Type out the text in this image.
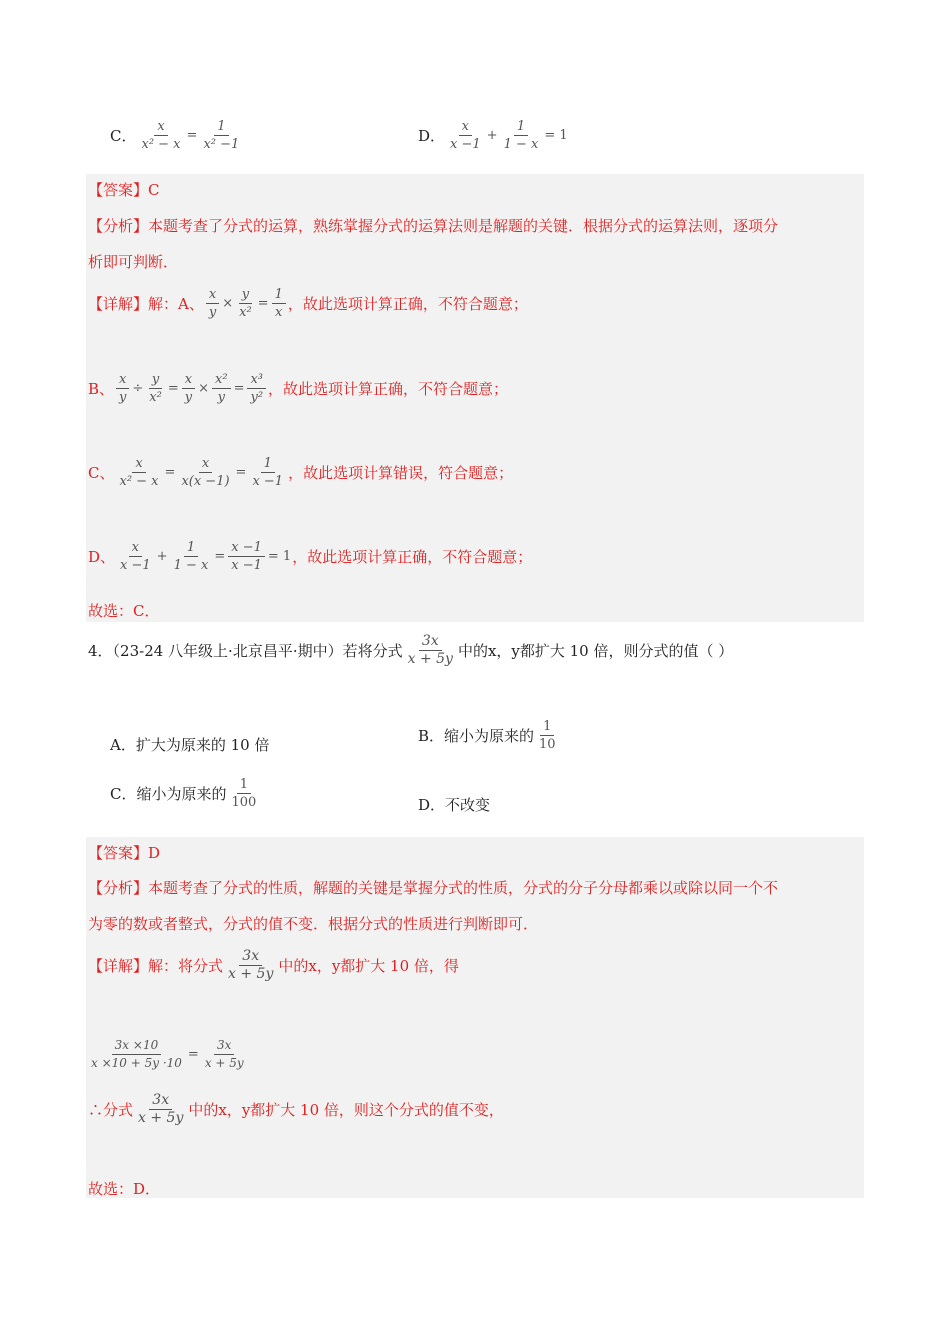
C． $\frac{x}{\text{x² − x}} = \frac{1}{\text{x² −1}}$	D．
x
x −1
+ $\frac{1}{1 - x} = 1$
【答案】C
【分析】本题考查了分式的运算，熟练掌握分式的运算法则是解题的关键．根据分式的运算法则，逐项分
析即可判断．
【详解】解：A、 $\frac{x}{y} \times \frac{y}{\text{x²}} = \frac{1}{x}$ ，故此选项计算正确，不符合题意；
B、 $\frac{x}{y} \div \frac{y}{\text{x²}} = \frac{x}{y} \times \frac{\text{x²}}{y} = \frac{\text{x³}}{\text{y²}}$ ，故此选项计算正确，不符合题意；
C、 $\frac{x}{\text{x² − x}} = \frac{x}{x(x -1)} = \frac{1}{x -1}$ ，故此选项计算错误，符合题意；
D、
x
x −1
+ $\frac{1}{1 - x} = \frac{x -1}{x -1} = 1$ ，故此选项计算正确，不符合题意；
故选：C．
4．（23-24 八年级上·北京昌平·期中）若将分式
3x
x + 5y 中的x，y都扩大 10 倍，则分式的值（ ）
A．扩大为原来的 10 倍	B．缩小为原来的
1
10
C．缩小为原来的
1
100	D．不改变
【答案】D
【分析】本题考查了分式的性质，解题的关键是掌握分式的性质，分式的分子分母都乘以或除以同一个不
为零的数或者整式，分式的值不变．根据分式的性质进行判断即可．
【详解】解：将分式
3x
x + 5y 中的x，y都扩大 10 倍，得
$\frac{3x \times 10}{x \times 10 + 5y \cdot 10} = \frac{3x}{x + 5y}$
∴分式
3x
x + 5y 中的x，y都扩大 10 倍，则这个分式的值不变，
故选：D．
